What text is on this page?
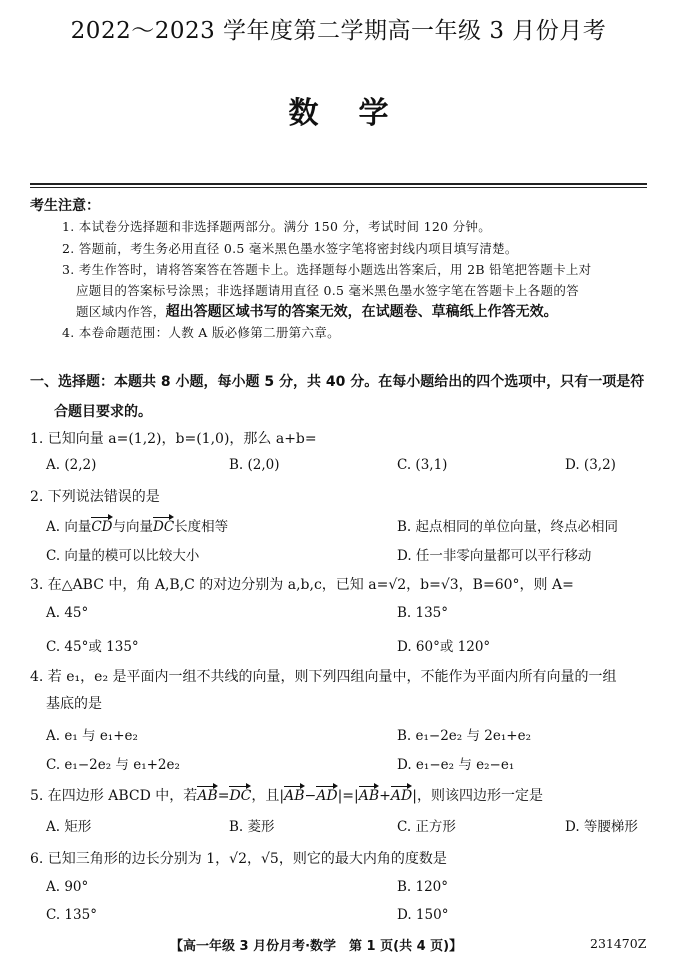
2022～2023 学年度第二学期高一年级 3 月份月考
数学
考生注意：
1. 本试卷分选择题和非选择题两部分。满分 150 分，考试时间 120 分钟。
2. 答题前，考生务必用直径 0.5 毫米黑色墨水签字笔将密封线内项目填写清楚。
3. 考生作答时，请将答案答在答题卡上。选择题每小题选出答案后，用 2B 铅笔把答题卡上对
应题目的答案标号涂黑；非选择题请用直径 0.5 毫米黑色墨水签字笔在答题卡上各题的答
题区域内作答，超出答题区域书写的答案无效，在试题卷、草稿纸上作答无效。
4. 本卷命题范围：人教 A 版必修第二册第六章。
一、选择题：本题共 8 小题，每小题 5 分，共 40 分。在每小题给出的四个选项中，只有一项是符
合题目要求的。
1. 已知向量 a=(1,2)，b=(1,0)，那么 a+b=
A. (2,2)	B. (2,0)	C. (3,1)	D. (3,2)
2. 下列说法错误的是
A. 向量CD与向量DC长度相等	B. 起点相同的单位向量，终点必相同
C. 向量的模可以比较大小	D. 任一非零向量都可以平行移动
3. 在△ABC 中，角 A,B,C 的对边分别为 a,b,c，已知 a=√2，b=√3，B=60°，则 A=
A. 45°	B. 135°
C. 45°或 135°	D. 60°或 120°
4. 若 e₁，e₂ 是平面内一组不共线的向量，则下列四组向量中，不能作为平面内所有向量的一组
基底的是
A. e₁ 与 e₁+e₂	B. e₁−2e₂ 与 2e₁+e₂
C. e₁−2e₂ 与 e₁+2e₂	D. e₁−e₂ 与 e₂−e₁
5. 在四边形 ABCD 中，若AB=DC，且|AB−AD|=|AB+AD|，则该四边形一定是
A. 矩形	B. 菱形	C. 正方形	D. 等腰梯形
6. 已知三角形的边长分别为 1，√2，√5，则它的最大内角的度数是
A. 90°	B. 120°
C. 135°	D. 150°
【高一年级 3 月份月考·数学　第 1 页(共 4 页)】	231470Z
